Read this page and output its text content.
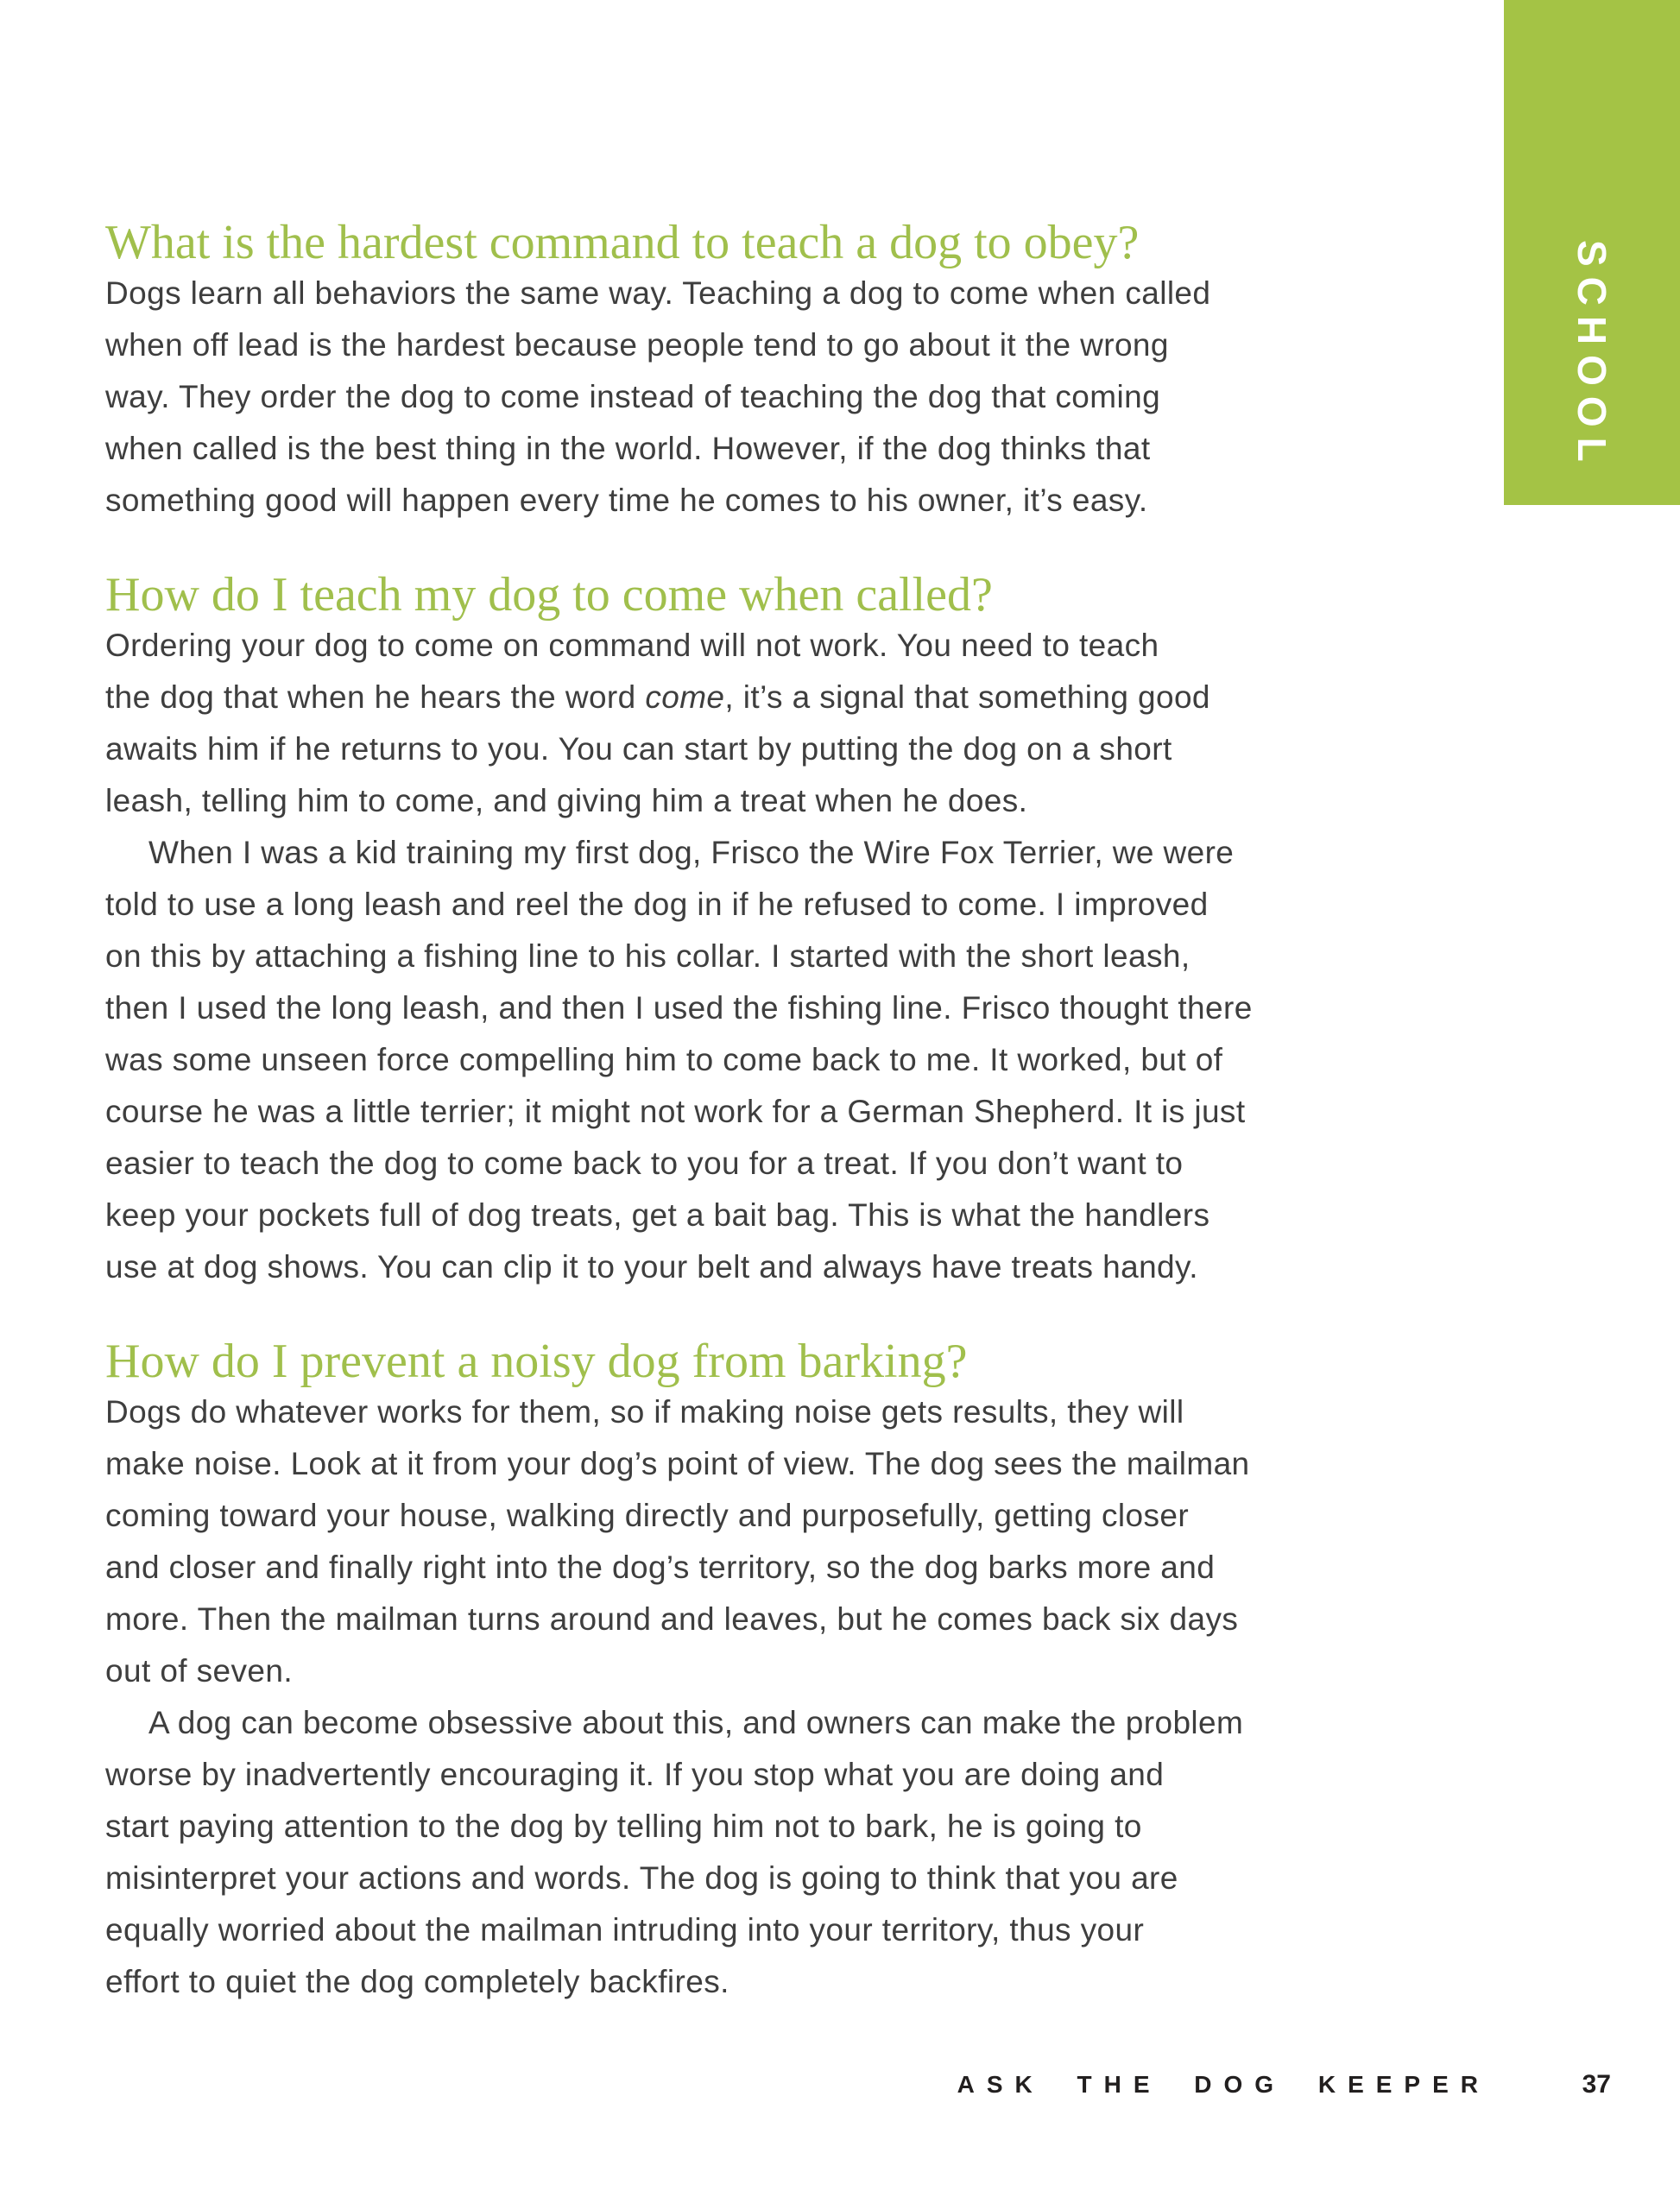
SCHOOL
What is the hardest command to teach a dog to obey?
Dogs learn all behaviors the same way. Teaching a dog to come when called
when off lead is the hardest because people tend to go about it the wrong
way. They order the dog to come instead of teaching the dog that coming
when called is the best thing in the world. However, if the dog thinks that
something good will happen every time he comes to his owner, it’s easy.
How do I teach my dog to come when called?
Ordering your dog to come on command will not work. You need to teach
the dog that when he hears the word come, it’s a signal that something good
awaits him if he returns to you. You can start by putting the dog on a short
leash, telling him to come, and giving him a treat when he does.
When I was a kid training my first dog, Frisco the Wire Fox Terrier, we were
told to use a long leash and reel the dog in if he refused to come. I improved
on this by attaching a fishing line to his collar. I started with the short leash,
then I used the long leash, and then I used the fishing line. Frisco thought there
was some unseen force compelling him to come back to me. It worked, but of
course he was a little terrier; it might not work for a German Shepherd. It is just
easier to teach the dog to come back to you for a treat. If you don’t want to
keep your pockets full of dog treats, get a bait bag. This is what the handlers
use at dog shows. You can clip it to your belt and always have treats handy.
How do I prevent a noisy dog from barking?
Dogs do whatever works for them, so if making noise gets results, they will
make noise. Look at it from your dog’s point of view. The dog sees the mailman
coming toward your house, walking directly and purposefully, getting closer
and closer and finally right into the dog’s territory, so the dog barks more and
more. Then the mailman turns around and leaves, but he comes back six days
out of seven.
A dog can become obsessive about this, and owners can make the problem
worse by inadvertently encouraging it. If you stop what you are doing and
start paying attention to the dog by telling him not to bark, he is going to
misinterpret your actions and words. The dog is going to think that you are
equally worried about the mailman intruding into your territory, thus your
effort to quiet the dog completely backfires.
ASK THE DOG KEEPER	37
